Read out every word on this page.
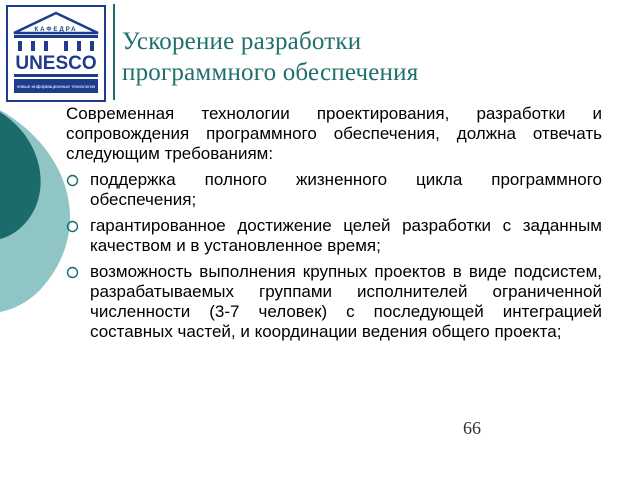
КАФЕДРА
UNESCO
новые информационные технологии
Ускорение разработки
программного обеспечения

Современная технологии проектирования, разработки и сопровождения программного обеспечения, должна отвечать следующим требованиям:

поддержка полного жизненного цикла программного обеспечения;
гарантированное достижение целей разработки с заданным качеством и в установленное время;
возможность выполнения крупных проектов в виде подсистем, разрабатываемых группами исполнителей ограниченной численности (3-7 человек) с последующей интеграцией составных частей, и координации ведения общего проекта;
66
